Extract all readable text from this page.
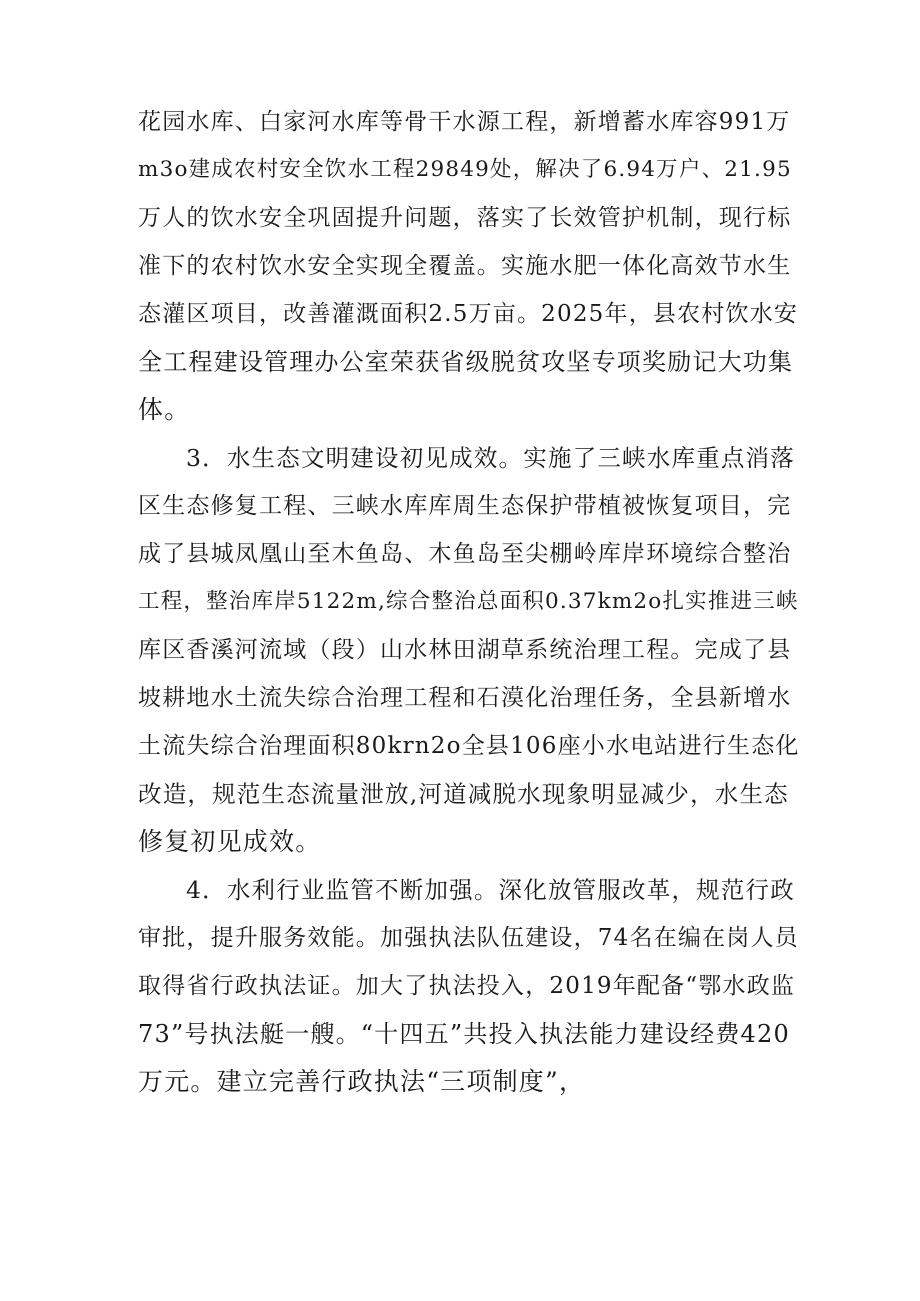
花园水库、白家河水库等骨干水源工程，新增蓄水库容991万
m3o建成农村安全饮水工程29849处，解决了6.94万户、21.95
万人的饮水安全巩固提升问题，落实了长效管护机制，现行标
准下的农村饮水安全实现全覆盖。实施水肥一体化高效节水生
态灌区项目，改善灌溉面积2.5万亩。2025年，县农村饮水安
全工程建设管理办公室荣获省级脱贫攻坚专项奖励记大功集
体。
3．水生态文明建设初见成效。实施了三峡水库重点消落
区生态修复工程、三峡水库库周生态保护带植被恢复项目，完
成了县城凤凰山至木鱼岛、木鱼岛至尖棚岭库岸环境综合整治
工程，整治库岸5122m,综合整治总面积0.37km2o扎实推进三峡
库区香溪河流域（段）山水林田湖草系统治理工程。完成了县
坡耕地水土流失综合治理工程和石漠化治理任务，全县新增水
土流失综合治理面积80krn2o全县106座小水电站进行生态化
改造，规范生态流量泄放,河道减脱水现象明显减少，水生态
修复初见成效。
4．水利行业监管不断加强。深化放管服改革，规范行政
审批，提升服务效能。加强执法队伍建设，74名在编在岗人员
取得省行政执法证。加大了执法投入，2019年配备“鄂水政监
73”号执法艇一艘。“十四五”共投入执法能力建设经费420
万元。建立完善行政执法“三项制度”，
